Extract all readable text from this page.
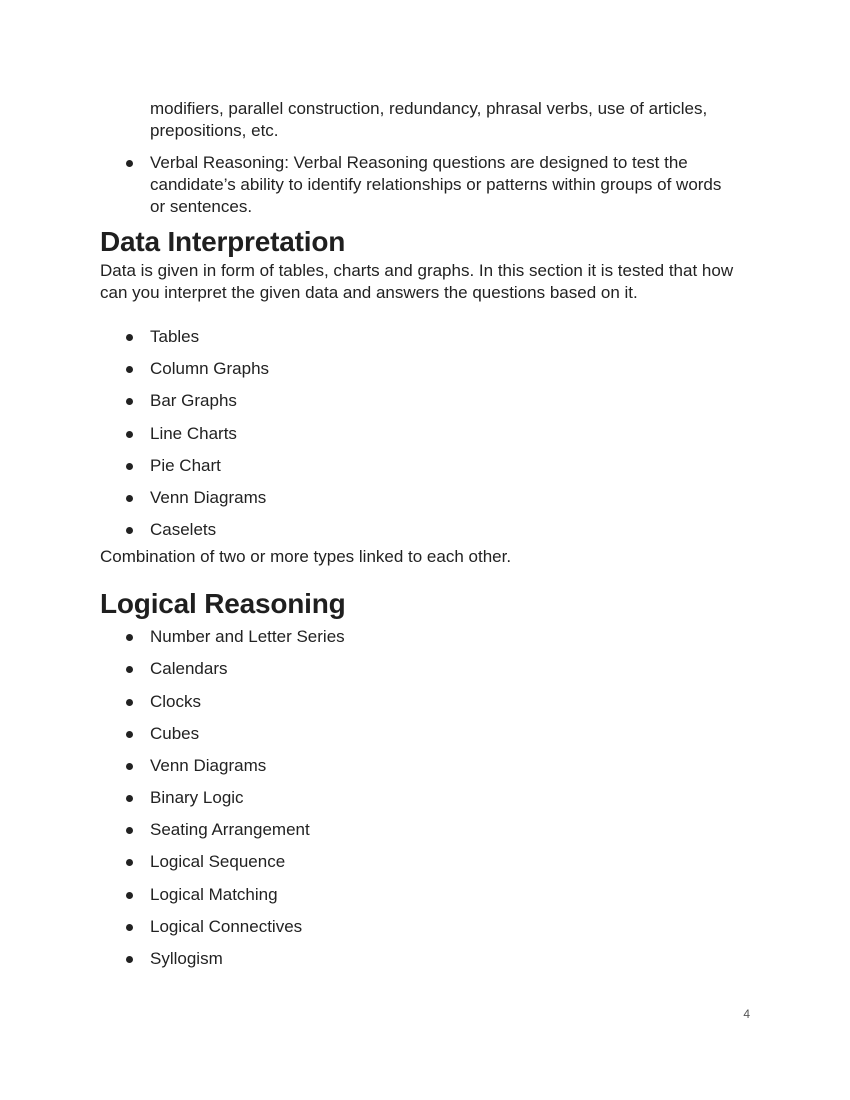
modifiers, parallel construction, redundancy, phrasal verbs, use of articles, prepositions, etc.

Verbal Reasoning: Verbal Reasoning questions are designed to test the candidate’s ability to identify relationships or patterns within groups of words or sentences.
Data Interpretation

Data is given in form of tables, charts and graphs. In this section it is tested that how can you interpret the given data and answers the questions based on it.

Tables
Column Graphs
Bar Graphs
Line Charts
Pie Chart
Venn Diagrams
Caselets

Combination of two or more types linked to each other.

Logical Reasoning
Number and Letter Series
Calendars
Clocks
Cubes
Venn Diagrams
Binary Logic
Seating Arrangement
Logical Sequence
Logical Matching
Logical Connectives
Syllogism
4
